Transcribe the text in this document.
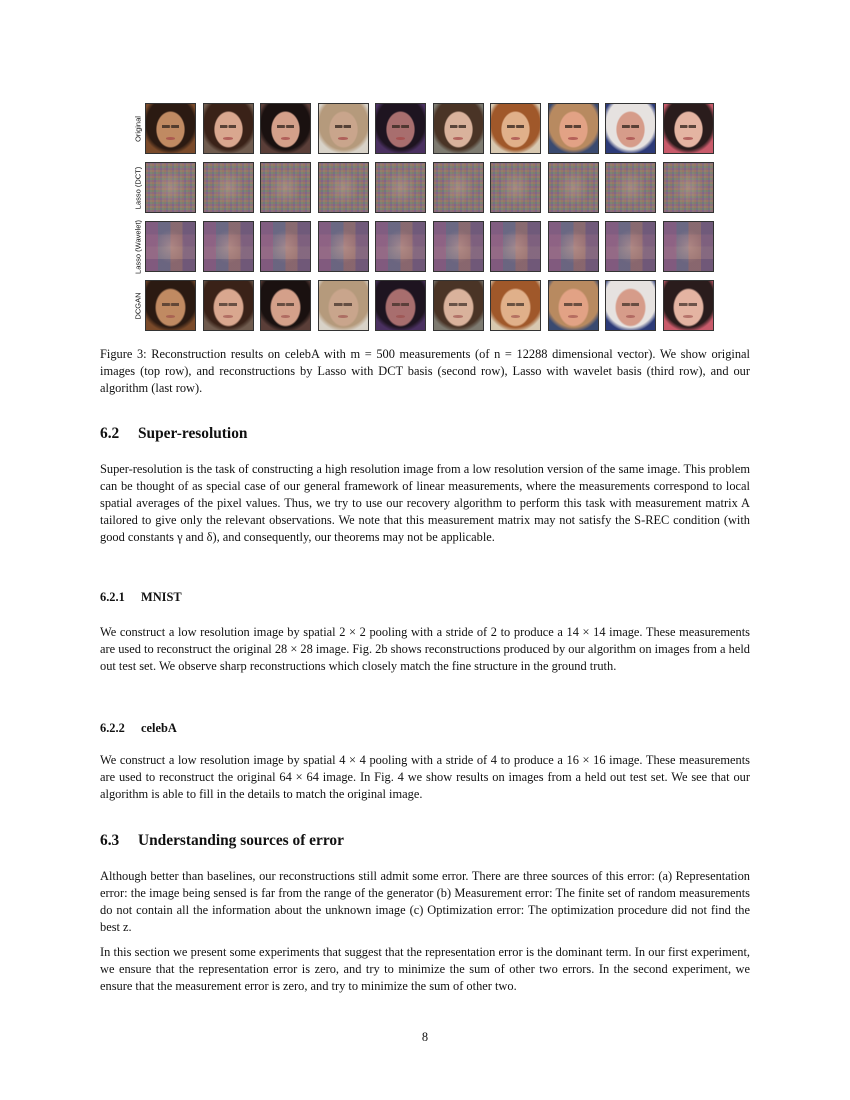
Original
Lasso (DCT)
Lasso (Wavelet)
DCGAN
Figure 3: Reconstruction results on celebA with m = 500 measurements (of n = 12288 dimensional vector). We show original images (top row), and reconstructions by Lasso with DCT basis (second row), Lasso with wavelet basis (third row), and our algorithm (last row).
6.2 Super-resolution

Super-resolution is the task of constructing a high resolution image from a low resolution version of the same image. This problem can be thought of as special case of our general framework of linear measurements, where the measurements correspond to local spatial averages of the pixel values. Thus, we try to use our recovery algorithm to perform this task with measurement matrix A tailored to give only the relevant observations. We note that this measurement matrix may not satisfy the S-REC condition (with good constants γ and δ), and consequently, our theorems may not be applicable.

6.2.1 MNIST

We construct a low resolution image by spatial 2 × 2 pooling with a stride of 2 to produce a 14 × 14 image. These measurements are used to reconstruct the original 28 × 28 image. Fig. 2b shows reconstructions produced by our algorithm on images from a held out test set. We observe sharp reconstructions which closely match the fine structure in the ground truth.

6.2.2 celebA

We construct a low resolution image by spatial 4 × 4 pooling with a stride of 4 to produce a 16 × 16 image. These measurements are used to reconstruct the original 64 × 64 image. In Fig. 4 we show results on images from a held out test set. We see that our algorithm is able to fill in the details to match the original image.

6.3 Understanding sources of error

Although better than baselines, our reconstructions still admit some error. There are three sources of this error: (a) Representation error: the image being sensed is far from the range of the generator (b) Measurement error: The finite set of random measurements do not contain all the information about the unknown image (c) Optimization error: The optimization procedure did not find the best z.

In this section we present some experiments that suggest that the representation error is the dominant term. In our first experiment, we ensure that the representation error is zero, and try to minimize the sum of other two errors. In the second experiment, we ensure that the measurement error is zero, and try to minimize the sum of other two.

8
